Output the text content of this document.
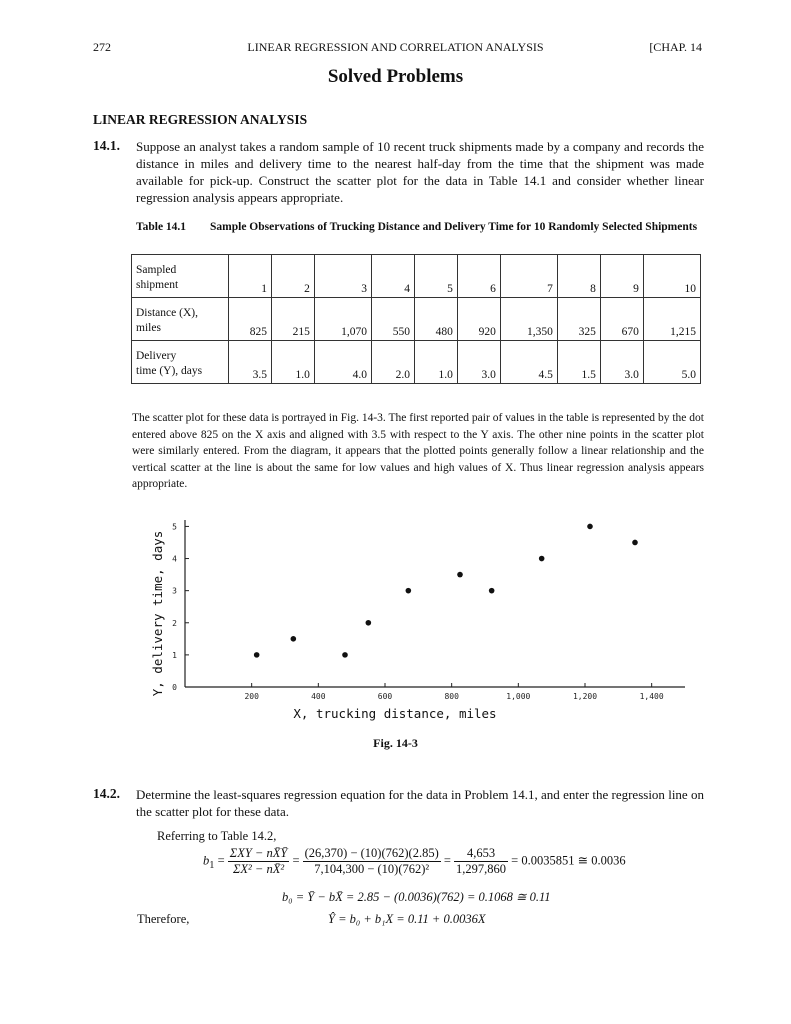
272	LINEAR REGRESSION AND CORRELATION ANALYSIS	[CHAP. 14
Solved Problems
LINEAR REGRESSION ANALYSIS
14.1. Suppose an analyst takes a random sample of 10 recent truck shipments made by a company and records the distance in miles and delivery time to the nearest half-day from the time that the shipment was made available for pick-up. Construct the scatter plot for the data in Table 14.1 and consider whether linear regression analysis appears appropriate.
Table 14.1 Sample Observations of Trucking Distance and Delivery Time for 10 Randomly Selected Shipments
Sampled
shipment	1	2	3	4	5	6	7	8	9	10

Distance (X),
miles	825	215	1,070	550	480	920	1,350	325	670	1,215

Delivery
time (Y), days	3.5	1.0	4.0	2.0	1.0	3.0	4.5	1.5	3.0	5.0
The scatter plot for these data is portrayed in Fig. 14-3. The first reported pair of values in the table is represented by the dot entered above 825 on the X axis and aligned with 3.5 with respect to the Y axis. The other nine points in the scatter plot were similarly entered. From the diagram, it appears that the plotted points generally follow a linear relationship and the vertical scatter at the line is about the same for low values and high values of X. Thus linear regression analysis appears appropriate.
200	400	600	800	1,000	1,200	1,400
0
1
2
3
4
5
X, trucking distance, miles
Y, delivery time, days
Fig. 14-3
14.2. Determine the least-squares regression equation for the data in Problem 14.1, and enter the regression line on the scatter plot for these data.
Referring to Table 14.2,
$b_1 = \frac{\text{ΣXY − nX̄Ȳ}}{\text{ΣX² − nX̄²}} = \frac{(26,370) - (10)(762)(2.85)}{\text{7,104,300 − (10)(762)²}} = \frac{4,653}{1,297,860} = 0.0035851$ ≅ 0.0036
b₀ = Ȳ − bX̄ = 2.85 − (0.0036)(762) = 0.1068 ≅ 0.11
Therefore,	Ŷ = b₀ + b₁X = 0.11 + 0.0036X
